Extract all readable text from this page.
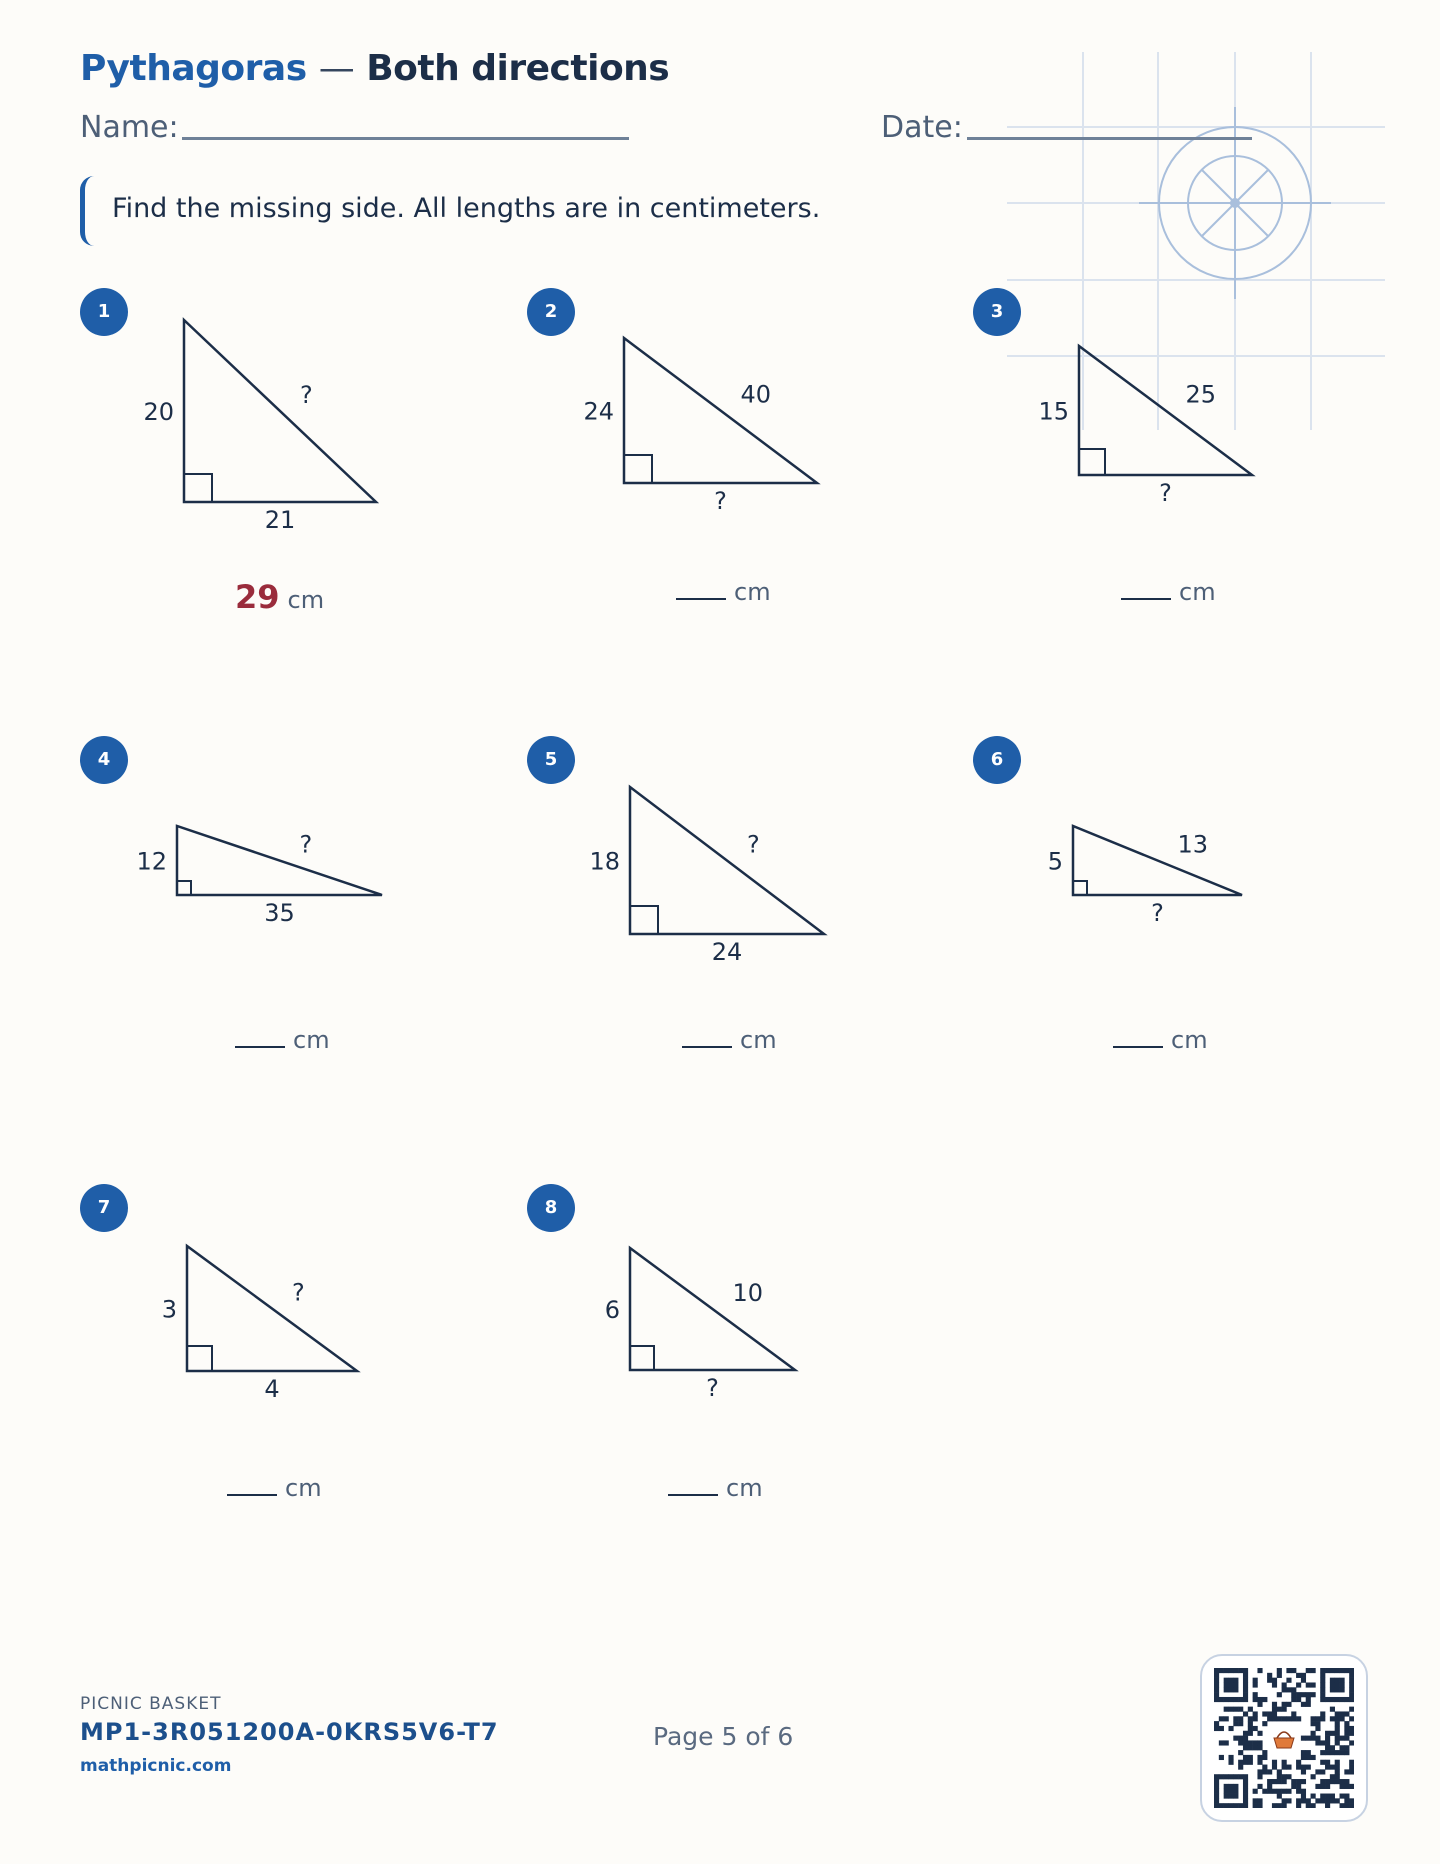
Pythagoras — Both directions
Name:	Date:
Find the missing side. All lengths are in centimeters.
1
20
21
?
29 cm
2
24
?
40
cm
3
15
?
25
cm
4
12
35
?
cm
5
18
24
?
cm
6
5
?
13
cm
7
3
4
?
cm
8
6
?
10
cm
PICNIC BASKET
MP1-3R051200A-0KRS5V6-T7
mathpicnic.com
Page 5 of 6
